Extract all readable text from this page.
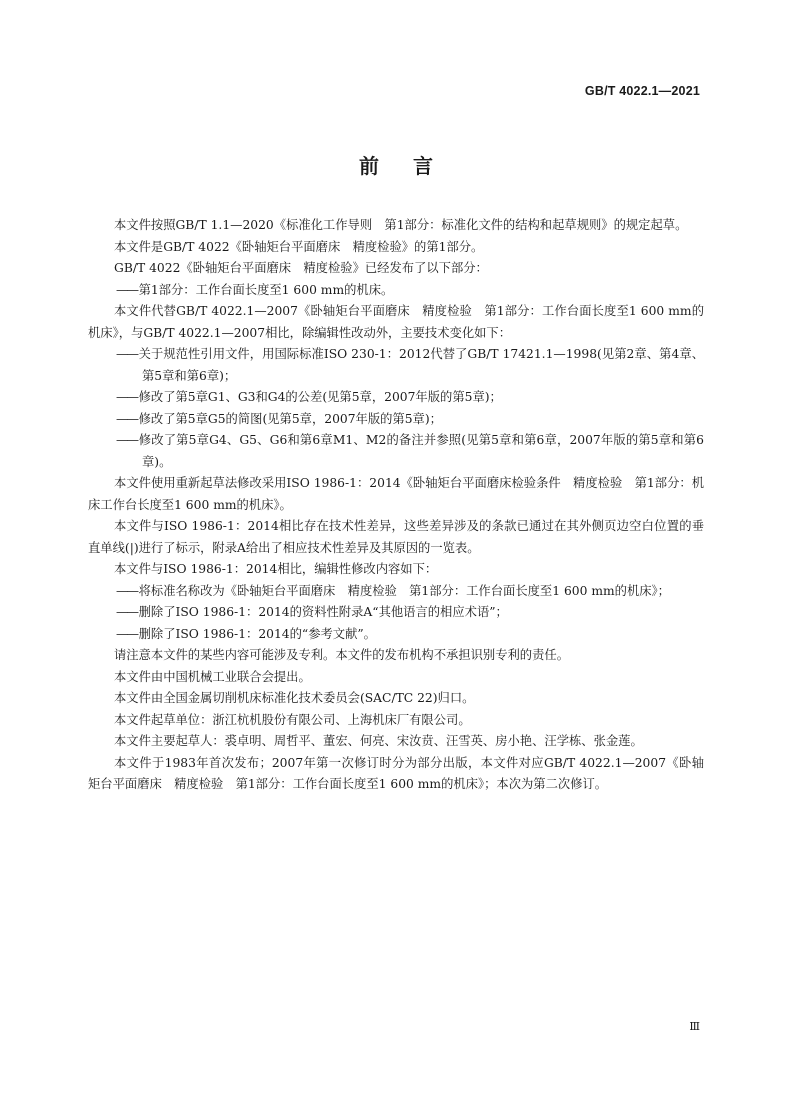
GB/T 4022.1—2021
前言

本文件按照GB/T 1.1—2020《标准化工作导则　第1部分：标准化文件的结构和起草规则》的规定起草。

本文件是GB/T 4022《卧轴矩台平面磨床　精度检验》的第1部分。

GB/T 4022《卧轴矩台平面磨床　精度检验》已经发布了以下部分：

—— 第1部分：工作台面长度至1 600 mm的机床。

本文件代替GB/T 4022.1—2007《卧轴矩台平面磨床　精度检验　第1部分：工作台面长度至1 600 mm的机床》，与GB/T 4022.1—2007相比，除编辑性改动外，主要技术变化如下：

—— 关于规范性引用文件，用国际标准ISO 230-1：2012代替了GB/T 17421.1—1998(见第2章、第4章、第5章和第6章)；

—— 修改了第5章G1、G3和G4的公差(见第5章，2007年版的第5章)；

—— 修改了第5章G5的简图(见第5章，2007年版的第5章)；

—— 修改了第5章G4、G5、G6和第6章M1、M2的备注并参照(见第5章和第6章，2007年版的第5章和第6章)。

本文件使用重新起草法修改采用ISO 1986-1：2014《卧轴矩台平面磨床检验条件　精度检验　第1部分：机床工作台长度至1 600 mm的机床》。

本文件与ISO 1986-1：2014相比存在技术性差异，这些差异涉及的条款已通过在其外侧页边空白位置的垂直单线(|)进行了标示，附录A给出了相应技术性差异及其原因的一览表。

本文件与ISO 1986-1：2014相比，编辑性修改内容如下：

—— 将标准名称改为《卧轴矩台平面磨床　精度检验　第1部分：工作台面长度至1 600 mm的机床》；

—— 删除了ISO 1986-1：2014的资料性附录A“其他语言的相应术语”；

—— 删除了ISO 1986-1：2014的“参考文献”。

请注意本文件的某些内容可能涉及专利。本文件的发布机构不承担识别专利的责任。

本文件由中国机械工业联合会提出。

本文件由全国金属切削机床标准化技术委员会(SAC/TC 22)归口。

本文件起草单位：浙江杭机股份有限公司、上海机床厂有限公司。

本文件主要起草人：裘卓明、周哲平、董宏、何亮、宋汝贲、汪雪英、房小艳、汪学栋、张金莲。

本文件于1983年首次发布；2007年第一次修订时分为部分出版，本文件对应GB/T 4022.1—2007《卧轴矩台平面磨床　精度检验　第1部分：工作台面长度至1 600 mm的机床》；本次为第二次修订。

Ⅲ
